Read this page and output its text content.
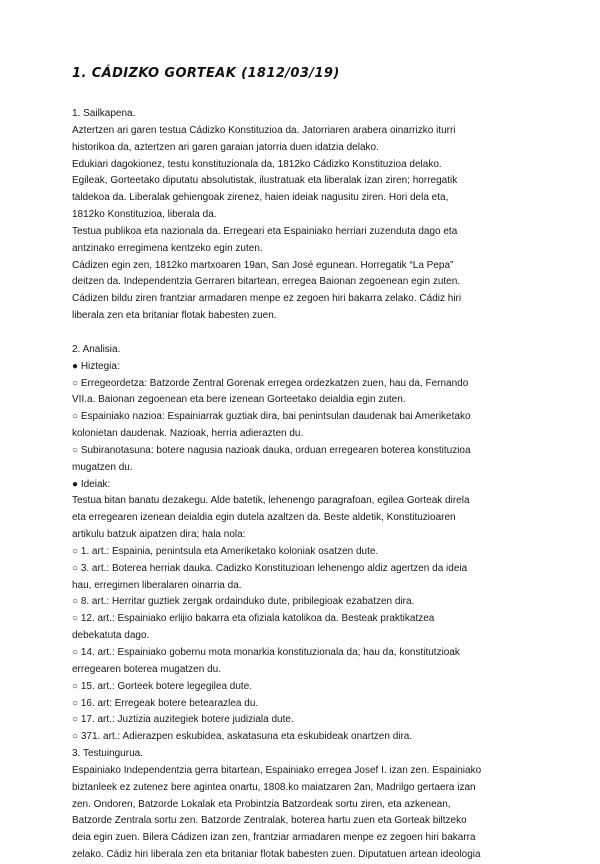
1. CÁDIZKO GORTEAK (1812/03/19)
1. Sailkapena.
Aztertzen ari garen testua Cádizko Konstituzioa da. Jatorriaren arabera oinarrizko iturri
historikoa da, aztertzen ari garen garaian jatorria duen idatzia delako.
Edukiari dagokionez, testu konstituzionala da, 1812ko Cádizko Konstituzioa delako.
Egileak, Gorteetako diputatu absolutistak, ilustratuak eta liberalak izan ziren; horregatik
taldekoa da. Liberalak gehiengoak zirenez, haien ideiak nagusitu ziren. Hori dela eta,
1812ko Konstituzioa, liberala da.
Testua publikoa eta nazionala da. Erregeari eta Espainiako herriari zuzenduta dago eta
antzinako erregimena kentzeko egin zuten.
Cádizen egin zen, 1812ko martxoaren 19an, San José egunean. Horregatik “La Pepa”
deitzen da. Independentzia Gerraren bitartean, erregea Baionan zegoenean egin zuten.
Cádizen bildu ziren frantziar armadaren menpe ez zegoen hiri bakarra zelako. Cádiz hiri
liberala zen eta britaniar flotak babesten zuen.
2. Analisia.
● Hiztegia:
○ Erregeordetza: Batzorde Zentral Gorenak erregea ordezkatzen zuen, hau da, Fernando
VII.a. Baionan zegoenean eta bere izenean Gorteetako deialdia egin zuten.
○ Espainiako nazioa: Espainiarrak guztiak dira, bai penintsulan daudenak bai Ameriketako
kolonietan daudenak. Nazioak, herria adierazten du.
○ Subiranotasuna: botere nagusia nazioak dauka, orduan erregearen boterea konstituzioa
mugatzen du.
● Ideiak:
Testua bitan banatu dezakegu. Alde batetik, lehenengo paragrafoan, egilea Gorteak direla
eta erregearen izenean deialdia egin dutela azaltzen da. Beste aldetik, Konstituzioaren
artikulu batzuk aipatzen dira; hala nola:
○ 1. art.: Espainia, penintsula eta Ameriketako koloniak osatzen dute.
○ 3. art.: Boterea herriak dauka. Cadizko Konstituzioan lehenengo aldiz agertzen da ideia
hau, erregimen liberalaren oinarria da.
○ 8. art.: Herritar guztiek zergak ordainduko dute, pribilegioak ezabatzen dira.
○ 12. art.: Espainiako erlijio bakarra eta ofiziala katolikoa da. Besteak praktikatzea
debekatuta dago.
○ 14. art.: Espainiako gobernu mota monarkia konstituzionala da; hau da, konstitutzioak
erregearen boterea mugatzen du.
○ 15. art.: Gorteek botere legegilea dute.
○ 16. art: Erregeak botere betearazlea du.
○ 17. art.: Juztizia auzitegiek botere judiziala dute.
○ 371. art.: Adierazpen eskubidea, askatasuna eta eskubideak onartzen dira.
3. Testuingurua.
Espainiako Independentzia gerra bitartean, Espainiako erregea Josef I. izan zen. Espainiako
biztanleek ez zutenez bere agintea onartu, 1808.ko maiatzaren 2an, Madrilgo gertaera izan
zen. Ondoren, Batzorde Lokalak eta Probintzia Batzordeak sortu ziren, eta azkenean,
Batzorde Zentrala sortu zen. Batzorde Zentralak, boterea hartu zuen eta Gorteak biltzeko
deia egin zuen. Bilera Cádizen izan zen, frantziar armadaren menpe ez zegoen hiri bakarra
zelako. Cádiz hiri liberala zen eta britaniar flotak babesten zuen. Diputatuen artean ideologia
